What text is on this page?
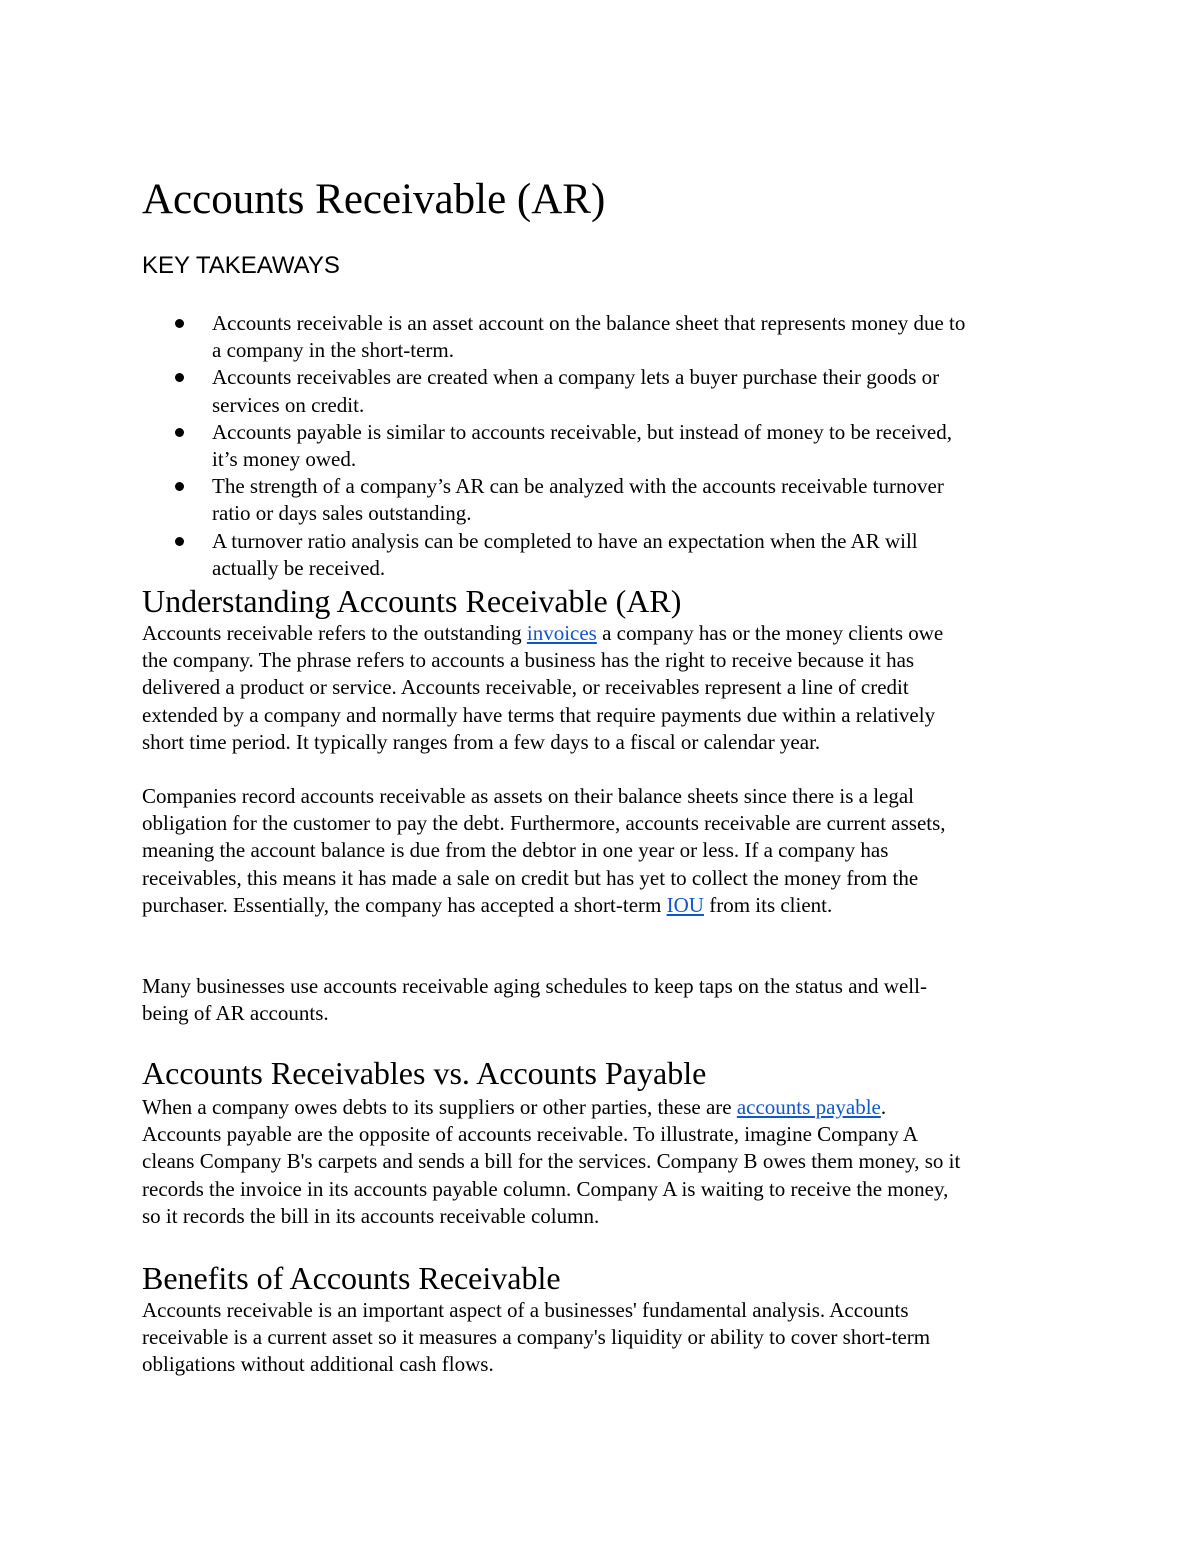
Accounts Receivable (AR)
KEY TAKEAWAYS
Accounts receivable is an asset account on the balance sheet that represents money due to
a company in the short-term.
Accounts receivables are created when a company lets a buyer purchase their goods or
services on credit.
Accounts payable is similar to accounts receivable, but instead of money to be received,
it’s money owed.
The strength of a company’s AR can be analyzed with the accounts receivable turnover
ratio or days sales outstanding.
A turnover ratio analysis can be completed to have an expectation when the AR will
actually be received.
Understanding Accounts Receivable (AR)
Accounts receivable refers to the outstanding invoices a company has or the money clients owe
the company. The phrase refers to accounts a business has the right to receive because it has
delivered a product or service. Accounts receivable, or receivables represent a line of credit
extended by a company and normally have terms that require payments due within a relatively
short time period. It typically ranges from a few days to a fiscal or calendar year.
Companies record accounts receivable as assets on their balance sheets since there is a legal
obligation for the customer to pay the debt. Furthermore, accounts receivable are current assets,
meaning the account balance is due from the debtor in one year or less. If a company has
receivables, this means it has made a sale on credit but has yet to collect the money from the
purchaser. Essentially, the company has accepted a short-term IOU from its client.
Many businesses use accounts receivable aging schedules to keep taps on the status and well-
being of AR accounts.
Accounts Receivables vs. Accounts Payable
When a company owes debts to its suppliers or other parties, these are accounts payable.
Accounts payable are the opposite of accounts receivable. To illustrate, imagine Company A
cleans Company B's carpets and sends a bill for the services. Company B owes them money, so it
records the invoice in its accounts payable column. Company A is waiting to receive the money,
so it records the bill in its accounts receivable column.
Benefits of Accounts Receivable
Accounts receivable is an important aspect of a businesses' fundamental analysis. Accounts
receivable is a current asset so it measures a company's liquidity or ability to cover short-term
obligations without additional cash flows.
